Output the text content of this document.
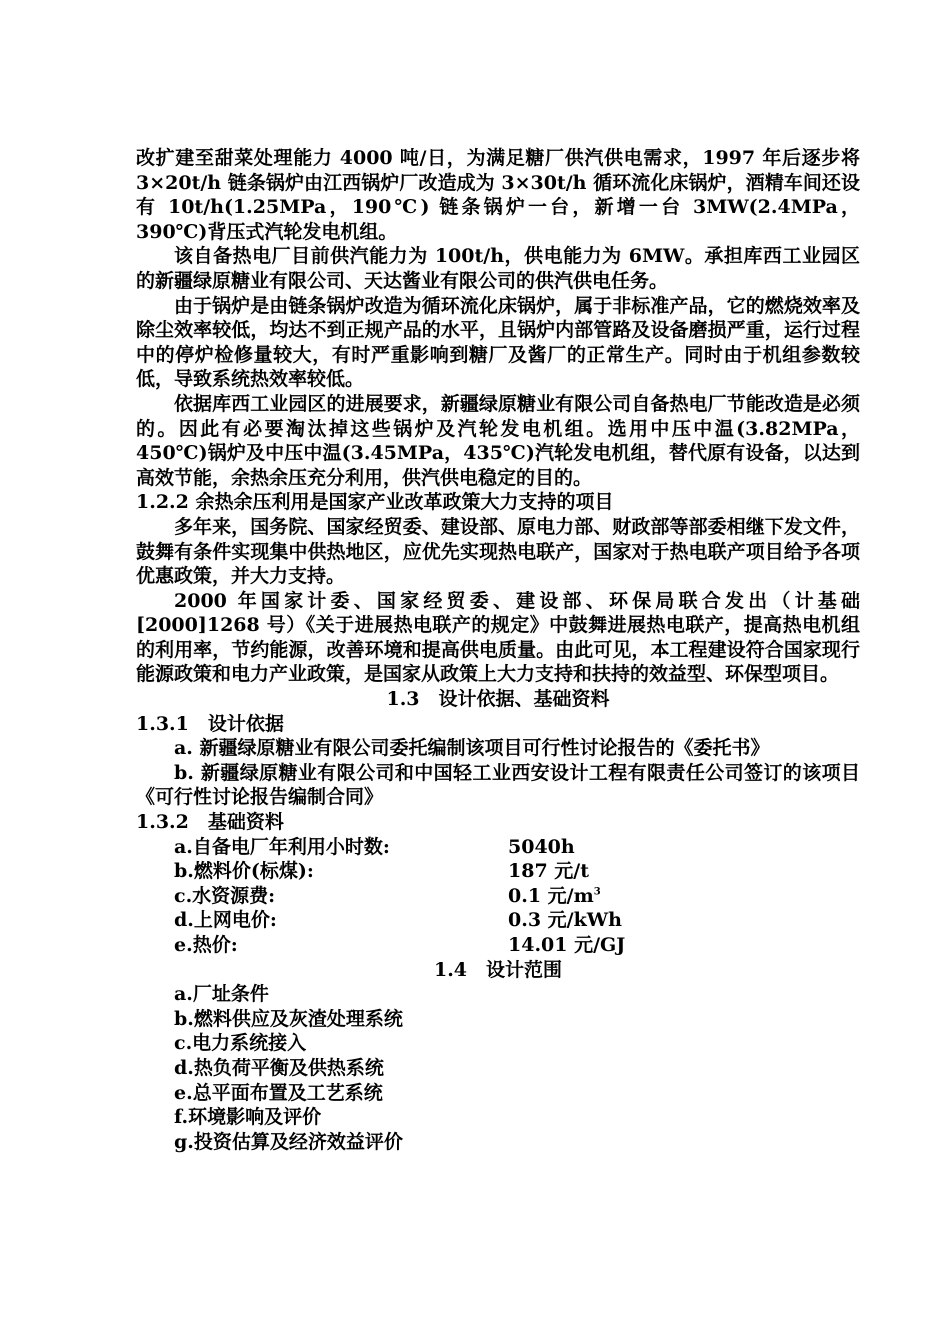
改扩建至甜菜处理能力 4000 吨/日，为满足糖厂供汽供电需求，1997 年后逐步将 3×20t/h 链条锅炉由江西锅炉厂改造成为 3×30t/h 循环流化床锅炉，酒精车间还设有 10t/h(1.25MPa，190℃) 链条锅炉一台，新增一台 3MW(2.4MPa，390℃)背压式汽轮发电机组。

该自备热电厂目前供汽能力为 100t/h，供电能力为 6MW。承担库西工业园区的新疆绿原糖业有限公司、天达酱业有限公司的供汽供电任务。

由于锅炉是由链条锅炉改造为循环流化床锅炉，属于非标准产品，它的燃烧效率及除尘效率较低，均达不到正规产品的水平，且锅炉内部管路及设备磨损严重，运行过程中的停炉检修量较大，有时严重影响到糖厂及酱厂的正常生产。同时由于机组参数较低，导致系统热效率较低。

依据库西工业园区的进展要求，新疆绿原糖业有限公司自备热电厂节能改造是必须的。因此有必要淘汰掉这些锅炉及汽轮发电机组。选用中压中温(3.82MPa，450℃)锅炉及中压中温(3.45MPa，435℃)汽轮发电机组，替代原有设备，以达到高效节能，余热余压充分利用，供汽供电稳定的目的。

1.2.2 余热余压利用是国家产业改革政策大力支持的项目

多年来，国务院、国家经贸委、建设部、原电力部、财政部等部委相继下发文件，鼓舞有条件实现集中供热地区，应优先实现热电联产，国家对于热电联产项目给予各项优惠政策，并大力支持。

2000 年国家计委、国家经贸委、建设部、环保局联合发出（计基础[2000]1268 号）《关于进展热电联产的规定》中鼓舞进展热电联产，提高热电机组的利用率，节约能源，改善环境和提高供电质量。由此可见，本工程建设符合国家现行能源政策和电力产业政策，是国家从政策上大力支持和扶持的效益型、环保型项目。

1.3　设计依据、基础资料

1.3.1　设计依据

a. 新疆绿原糖业有限公司委托编制该项目可行性讨论报告的《委托书》

b. 新疆绿原糖业有限公司和中国轻工业西安设计工程有限责任公司签订的该项目《可行性讨论报告编制合同》

1.3.2　基础资料

a.自备电厂年利用小时数:	5040h
b.燃料价(标煤):	187 元/t
c.水资源费:	0.1 元$/m^3$
d.上网电价:	0.3 元/kWh
e.热价:	14.01 元/GJ

1.4　设计范围

a.厂址条件
b.燃料供应及灰渣处理系统
c.电力系统接入
d.热负荷平衡及供热系统
e.总平面布置及工艺系统
f.环境影响及评价
g.投资估算及经济效益评价
